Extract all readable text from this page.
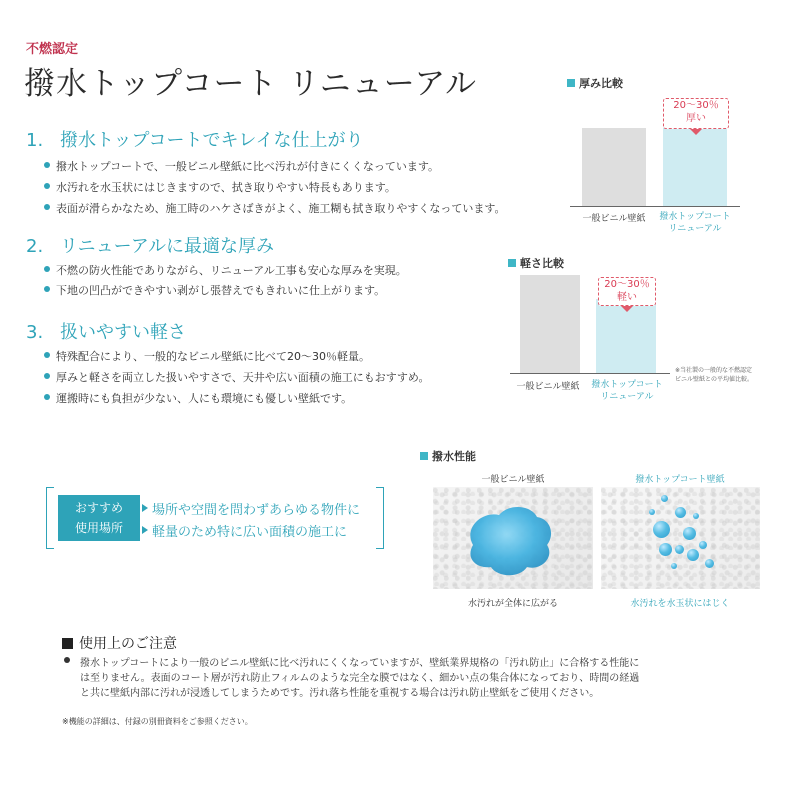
不燃認定
撥水トップコート リニューアル
1. 撥水トップコートでキレイな仕上がり
撥水トップコートで、一般ビニル壁紙に比べ汚れが付きにくくなっています。
水汚れを水玉状にはじきますので、拭き取りやすい特長もあります。
表面が滑らかなため、施工時のハケさばきがよく、施工糊も拭き取りやすくなっています。
2. リニューアルに最適な厚み
不燃の防火性能でありながら、リニューアル工事も安心な厚みを実現。
下地の凹凸ができやすい剥がし張替えでもきれいに仕上がります。
3. 扱いやすい軽さ
特殊配合により、一般的なビニル壁紙に比べて20～30％軽量。
厚みと軽さを両立した扱いやすさで、天井や広い面積の施工にもおすすめ。
運搬時にも負担が少ない、人にも環境にも優しい壁紙です。
厚み比較
20～30％
厚い
一般ビニル壁紙	撥水トップコート
リニューアル
軽さ比較
20～30％
軽い
一般ビニル壁紙	撥水トップコート
リニューアル
※当社製の一般的な不燃認定
ビニル壁紙との平均値比較。
おすすめ
使用場所
場所や空間を問わずあらゆる物件に
軽量のため特に広い面積の施工に
撥水性能
一般ビニル壁紙	撥水トップコート壁紙
水汚れが全体に広がる	水汚れを水玉状にはじく
使用上のご注意
撥水トップコートにより一般のビニル壁紙に比べ汚れにくくなっていますが、壁紙業界規格の「汚れ防止」に合格する性能に
は至りません。表面のコート層が汚れ防止フィルムのような完全な膜ではなく、細かい点の集合体になっており、時間の経過
と共に壁紙内部に汚れが浸透してしまうためです。汚れ落ち性能を重視する場合は汚れ防止壁紙をご使用ください。
※機能の詳細は、付録の別冊資料をご参照ください。
